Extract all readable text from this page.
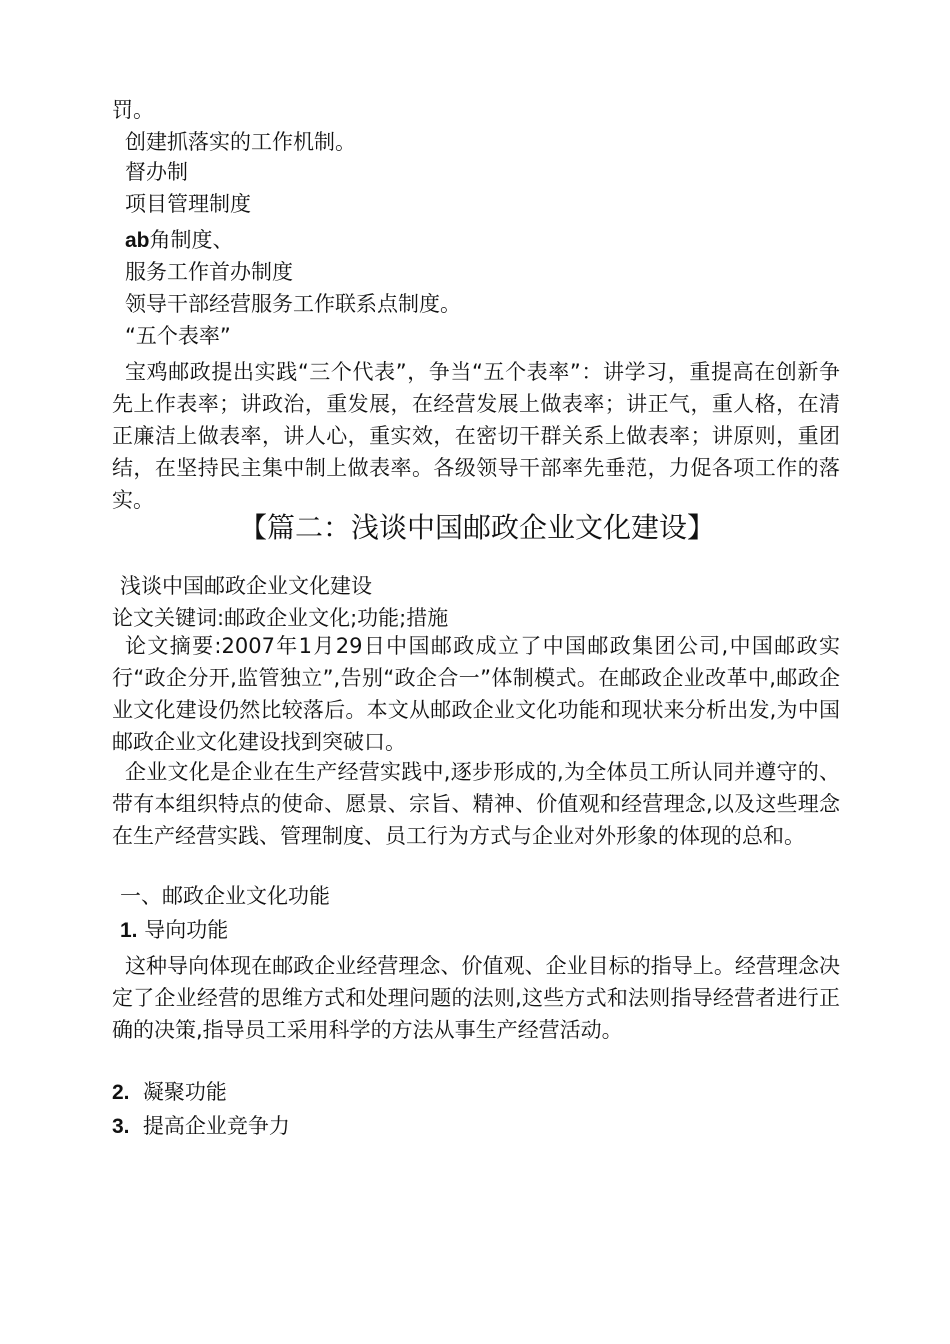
罚。
创建抓落实的工作机制。
督办制
项目管理制度
ab角制度、
服务工作首办制度
领导干部经营服务工作联系点制度。
“五个表率”
宝鸡邮政提出实践“三个代表”，争当“五个表率”：讲学习，重提高在创新争先上作表率；讲政治，重发展，在经营发展上做表率；讲正气，重人格，在清正廉洁上做表率，讲人心，重实效，在密切干群关系上做表率；讲原则，重团结，在坚持民主集中制上做表率。各级领导干部率先垂范，力促各项工作的落实。
【篇二：浅谈中国邮政企业文化建设】
浅谈中国邮政企业文化建设
论文关键词:邮政企业文化;功能;措施
论文摘要:2007年1月29日中国邮政成立了中国邮政集团公司,中国邮政实行“政企分开,监管独立”,告别“政企合一”体制模式。在邮政企业改革中,邮政企业文化建设仍然比较落后。本文从邮政企业文化功能和现状来分析出发,为中国邮政企业文化建设找到突破口。
企业文化是企业在生产经营实践中,逐步形成的,为全体员工所认同并遵守的、带有本组织特点的使命、愿景、宗旨、精神、价值观和经营理念,以及这些理念在生产经营实践、管理制度、员工行为方式与企业对外形象的体现的总和。
一、邮政企业文化功能
1. 导向功能
这种导向体现在邮政企业经营理念、价值观、企业目标的指导上。经营理念决定了企业经营的思维方式和处理问题的法则,这些方式和法则指导经营者进行正确的决策,指导员工采用科学的方法从事生产经营活动。
2. 凝聚功能
3. 提高企业竞争力
